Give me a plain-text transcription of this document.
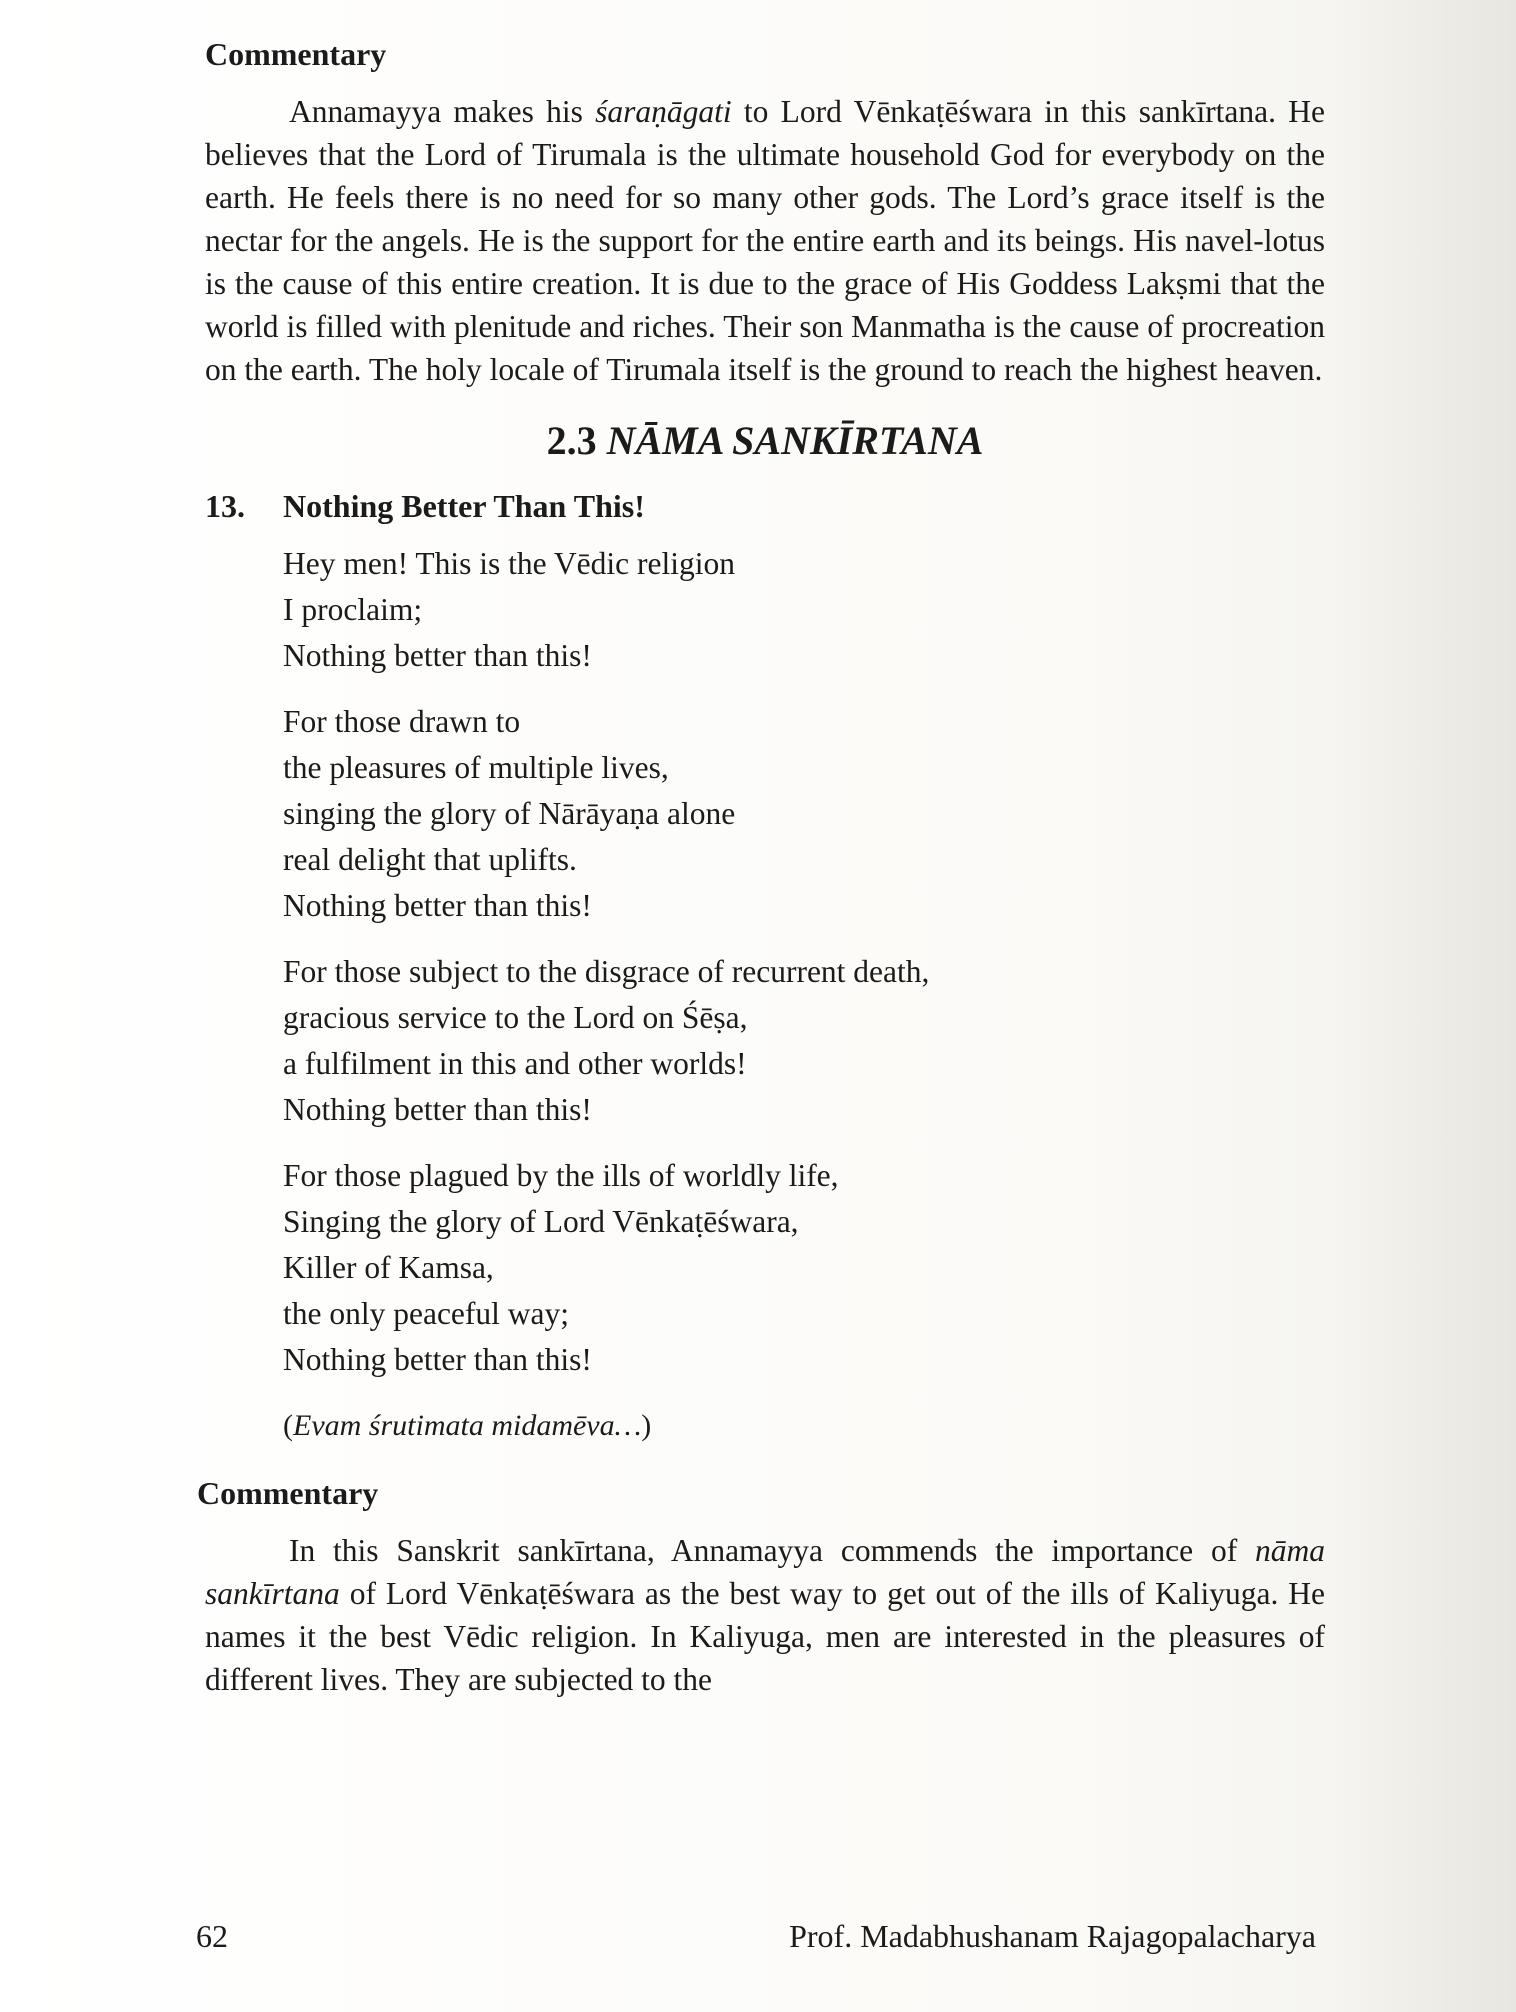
Commentary

Annamayya makes his śaraṇāgati to Lord Vēnkaṭēśwara in this sankīrtana. He believes that the Lord of Tirumala is the ultimate household God for everybody on the earth. He feels there is no need for so many other gods. The Lord’s grace itself is the nectar for the angels. He is the support for the entire earth and its beings. His navel-lotus is the cause of this entire creation. It is due to the grace of His Goddess Lakṣmi that the world is filled with plenitude and riches. Their son Manmatha is the cause of procreation on the earth. The holy locale of Tirumala itself is the ground to reach the highest heaven.

2.3 NĀMA SANKĪRTANA
13.	Nothing Better Than This!
Hey men! This is the Vēdic religion
I proclaim;
Nothing better than this!
For those drawn to
the pleasures of multiple lives,
singing the glory of Nārāyaṇa alone
real delight that uplifts.
Nothing better than this!
For those subject to the disgrace of recurrent death,
gracious service to the Lord on Śēṣa,
a fulfilment in this and other worlds!
Nothing better than this!
For those plagued by the ills of worldly life,
Singing the glory of Lord Vēnkaṭēśwara,
Killer of Kamsa,
the only peaceful way;
Nothing better than this!
(Evam śrutimata midamēva…)
Commentary

In this Sanskrit sankīrtana, Annamayya commends the importance of nāma sankīrtana of Lord Vēnkaṭēśwara as the best way to get out of the ills of Kaliyuga. He names it the best Vēdic religion. In Kaliyuga, men are interested in the pleasures of different lives. They are subjected to the

62	Prof. Madabhushanam Rajagopalacharya
